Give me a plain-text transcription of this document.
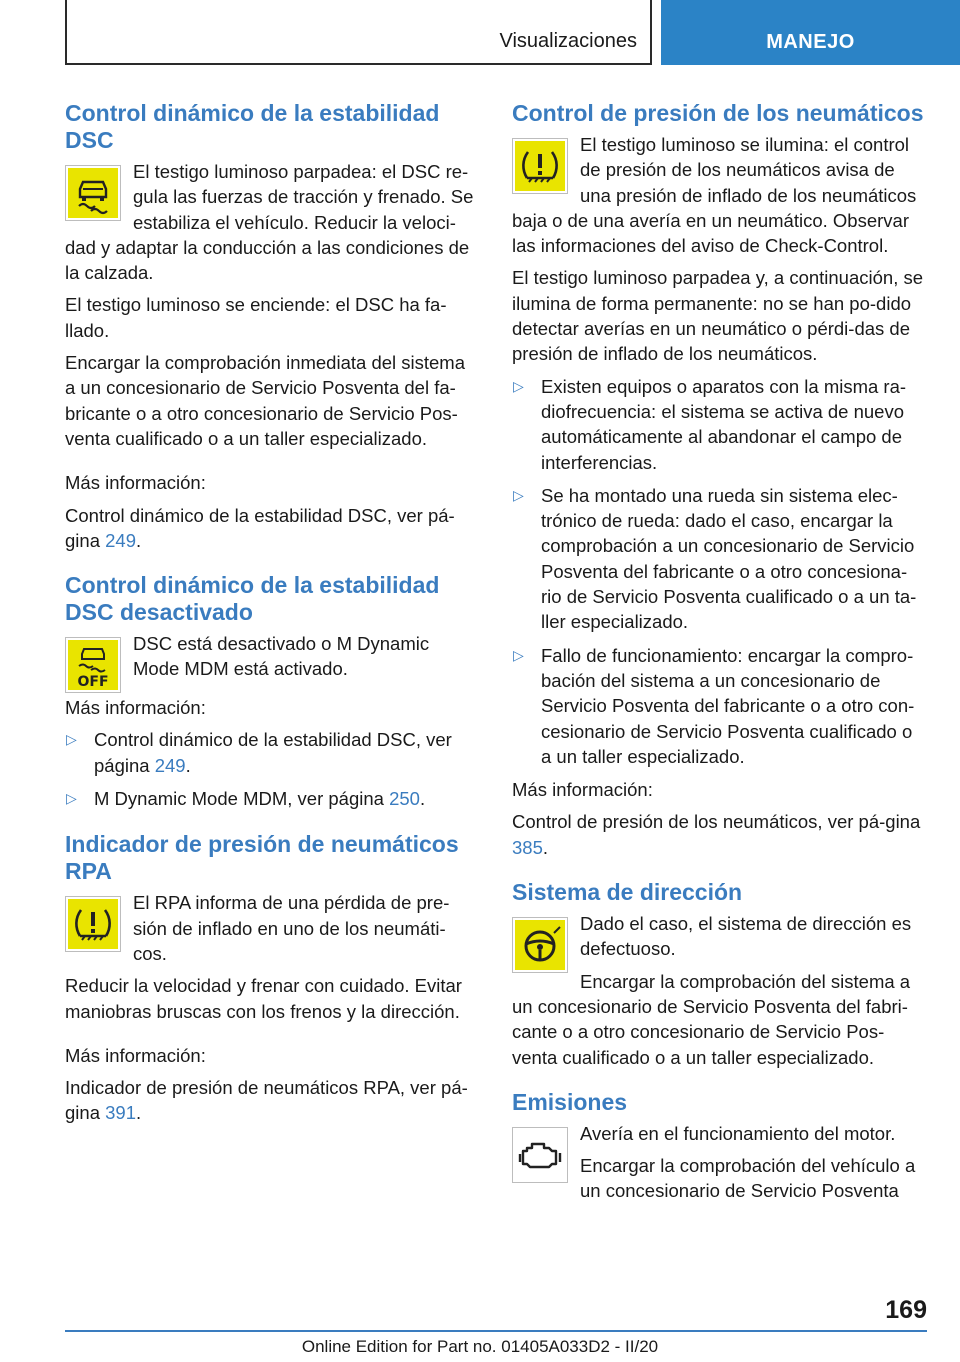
Visualizaciones	MANEJO
Control dinámico de la estabilidad DSC

El testigo luminoso parpadea: el DSC re-gula las fuerzas de tracción y frenado. Se estabiliza el vehículo. Reducir la veloci-dad y adaptar la conducción a las condiciones de la calzada.

El testigo luminoso se enciende: el DSC ha fa-llado.

Encargar la comprobación inmediata del sistema a un concesionario de Servicio Posventa del fa-bricante o a otro concesionario de Servicio Pos-venta cualificado o a un taller especializado.

Más información:

Control dinámico de la estabilidad DSC, ver pá-gina 249.

Control dinámico de la estabilidad DSC desactivado
OFF

DSC está desactivado o M Dynamic Mode MDM está activado.

Más información:

▷ Control dinámico de la estabilidad DSC, ver página 249.
▷ M Dynamic Mode MDM, ver página 250.
Indicador de presión de neumáticos RPA

El RPA informa de una pérdida de pre-sión de inflado en uno de los neumáti-cos.

Reducir la velocidad y frenar con cuidado. Evitar maniobras bruscas con los frenos y la dirección.

Más información:

Indicador de presión de neumáticos RPA, ver pá-gina 391.

Control de presión de los neumáticos

El testigo luminoso se ilumina: el control de presión de los neumáticos avisa de una presión de inflado de los neumáticos baja o de una avería en un neumático. Observar las informaciones del aviso de Check-Control.

El testigo luminoso parpadea y, a continuación, se ilumina de forma permanente: no se han po-dido detectar averías en un neumático o pérdi-das de presión de inflado de los neumáticos.

▷ Existen equipos o aparatos con la misma ra-diofrecuencia: el sistema se activa de nuevo automáticamente al abandonar el campo de interferencias.
▷ Se ha montado una rueda sin sistema elec-trónico de rueda: dado el caso, encargar la comprobación a un concesionario de Servicio Posventa del fabricante o a otro concesiona-rio de Servicio Posventa cualificado o a un ta-ller especializado.
▷ Fallo de funcionamiento: encargar la compro-bación del sistema a un concesionario de Servicio Posventa del fabricante o a otro con-cesionario de Servicio Posventa cualificado o a un taller especializado.

Más información:

Control de presión de los neumáticos, ver pá-gina 385.

Sistema de dirección

Dado el caso, el sistema de dirección es defectuoso.

Encargar la comprobación del sistema a un concesionario de Servicio Posventa del fabri-cante o a otro concesionario de Servicio Pos-venta cualificado o a un taller especializado.

Emisiones

Avería en el funcionamiento del motor.

Encargar la comprobación del vehículo a un concesionario de Servicio Posventa

169
Online Edition for Part no. 01405A033D2 - II/20
